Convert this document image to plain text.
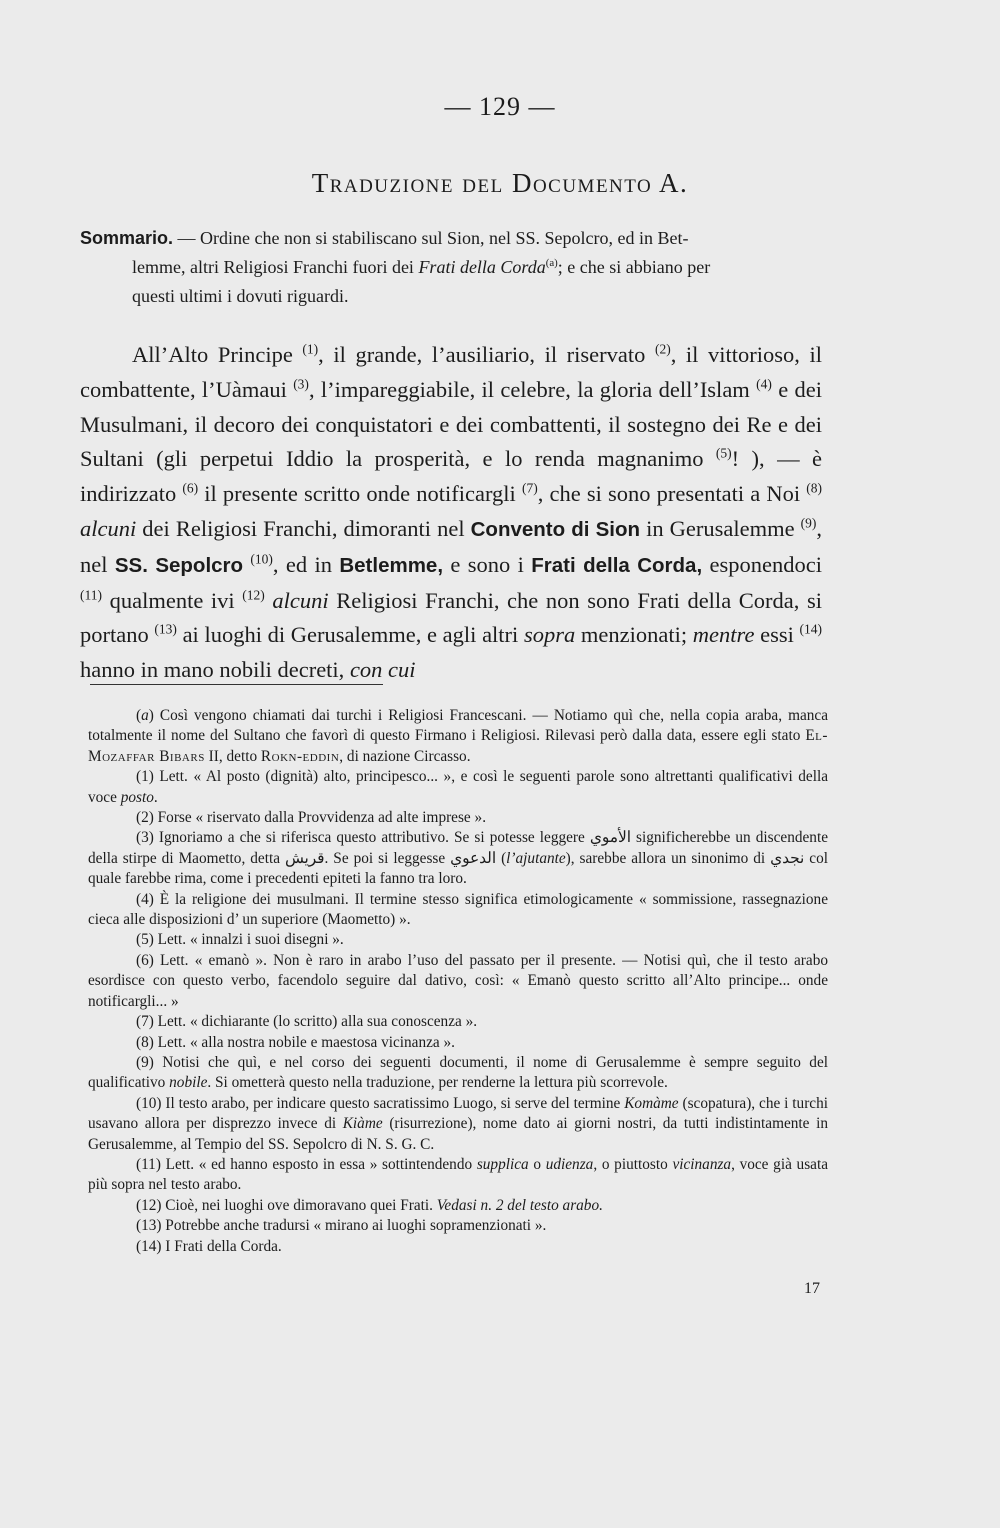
— 129 —
Traduzione del Documento A.
Sommario. — Ordine che non si stabiliscano sul Sion, nel SS. Sepolcro, ed in Bet-
lemme, altri Religiosi Franchi fuori dei Frati della Corda$^{(a)}$; e che si abbiano per
questi ultimi i dovuti riguardi.

All’Alto Principe $^{(1)}$, il grande, l’ausiliario, il riservato $^{(2)}$, il vittorioso, il combattente, l’Uàmaui $^{(3)}$, l’impareggiabile, il celebre, la gloria dell’Islam $^{(4)}$ e dei Musulmani, il decoro dei conquistatori e dei combattenti, il sostegno dei Re e dei Sultani (gli perpetui Iddio la prosperità, e lo renda magnanimo $^{(5)}$! ), — è indirizzato $^{(6)}$ il presente scritto onde notificargli $^{(7)}$, che si sono presentati a Noi $^{(8)}$ alcuni dei Religiosi Franchi, dimoranti nel Convento di Sion in Gerusalemme $^{(9)}$, nel SS. Sepolcro $^{(10)}$, ed in Betlemme, e sono i Frati della Corda, esponendoci $^{(11)}$ qualmente ivi $^{(12)}$ alcuni Religiosi Franchi, che non sono Frati della Corda, si portano $^{(13)}$ ai luoghi di Gerusalemme, e agli altri sopra menzionati; mentre essi $^{(14)}$ hanno in mano nobili decreti, con cui

(a) Così vengono chiamati dai turchi i Religiosi Francescani. — Notiamo quì che, nella copia araba, manca totalmente il nome del Sultano che favorì di questo Firmano i Religiosi. Rilevasi però dalla data, essere egli stato El-Mozaffar Bibars II, detto Rokn-eddin, di nazione Circasso.

(1) Lett. « Al posto (dignità) alto, principesco... », e così le seguenti parole sono altrettanti qualificativi della voce posto.

(2) Forse « riservato dalla Provvidenza ad alte imprese ».

(3) Ignoriamo a che si riferisca questo attributivo. Se si potesse leggere الأموي significherebbe un discendente della stirpe di Maometto, detta قريش. Se poi si leggesse الدعوي (l’ajutante), sarebbe allora un sinonimo di نجدي col quale farebbe rima, come i precedenti epiteti la fanno tra loro.

(4) È la religione dei musulmani. Il termine stesso significa etimologicamente « sommissione, rassegnazione cieca alle disposizioni d’ un superiore (Maometto) ».

(5) Lett. « innalzi i suoi disegni ».

(6) Lett. « emanò ». Non è raro in arabo l’uso del passato per il presente. — Notisi quì, che il testo arabo esordisce con questo verbo, facendolo seguire dal dativo, così: « Emanò questo scritto all’Alto principe... onde notificargli... »

(7) Lett. « dichiarante (lo scritto) alla sua conoscenza ».

(8) Lett. « alla nostra nobile e maestosa vicinanza ».

(9) Notisi che quì, e nel corso dei seguenti documenti, il nome di Gerusalemme è sempre seguito del qualificativo nobile. Si ometterà questo nella traduzione, per renderne la lettura più scorrevole.

(10) Il testo arabo, per indicare questo sacratissimo Luogo, si serve del termine Komàme (scopatura), che i turchi usavano allora per disprezzo invece di Kiàme (risurrezione), nome dato ai giorni nostri, da tutti indistintamente in Gerusalemme, al Tempio del SS. Sepolcro di N. S. G. C.

(11) Lett. « ed hanno esposto in essa » sottintendendo supplica o udienza, o piuttosto vicinanza, voce già usata più sopra nel testo arabo.

(12) Cioè, nei luoghi ove dimoravano quei Frati. Vedasi n. 2 del testo arabo.

(13) Potrebbe anche tradursi « mirano ai luoghi sopramenzionati ».

(14) I Frati della Corda.

17
